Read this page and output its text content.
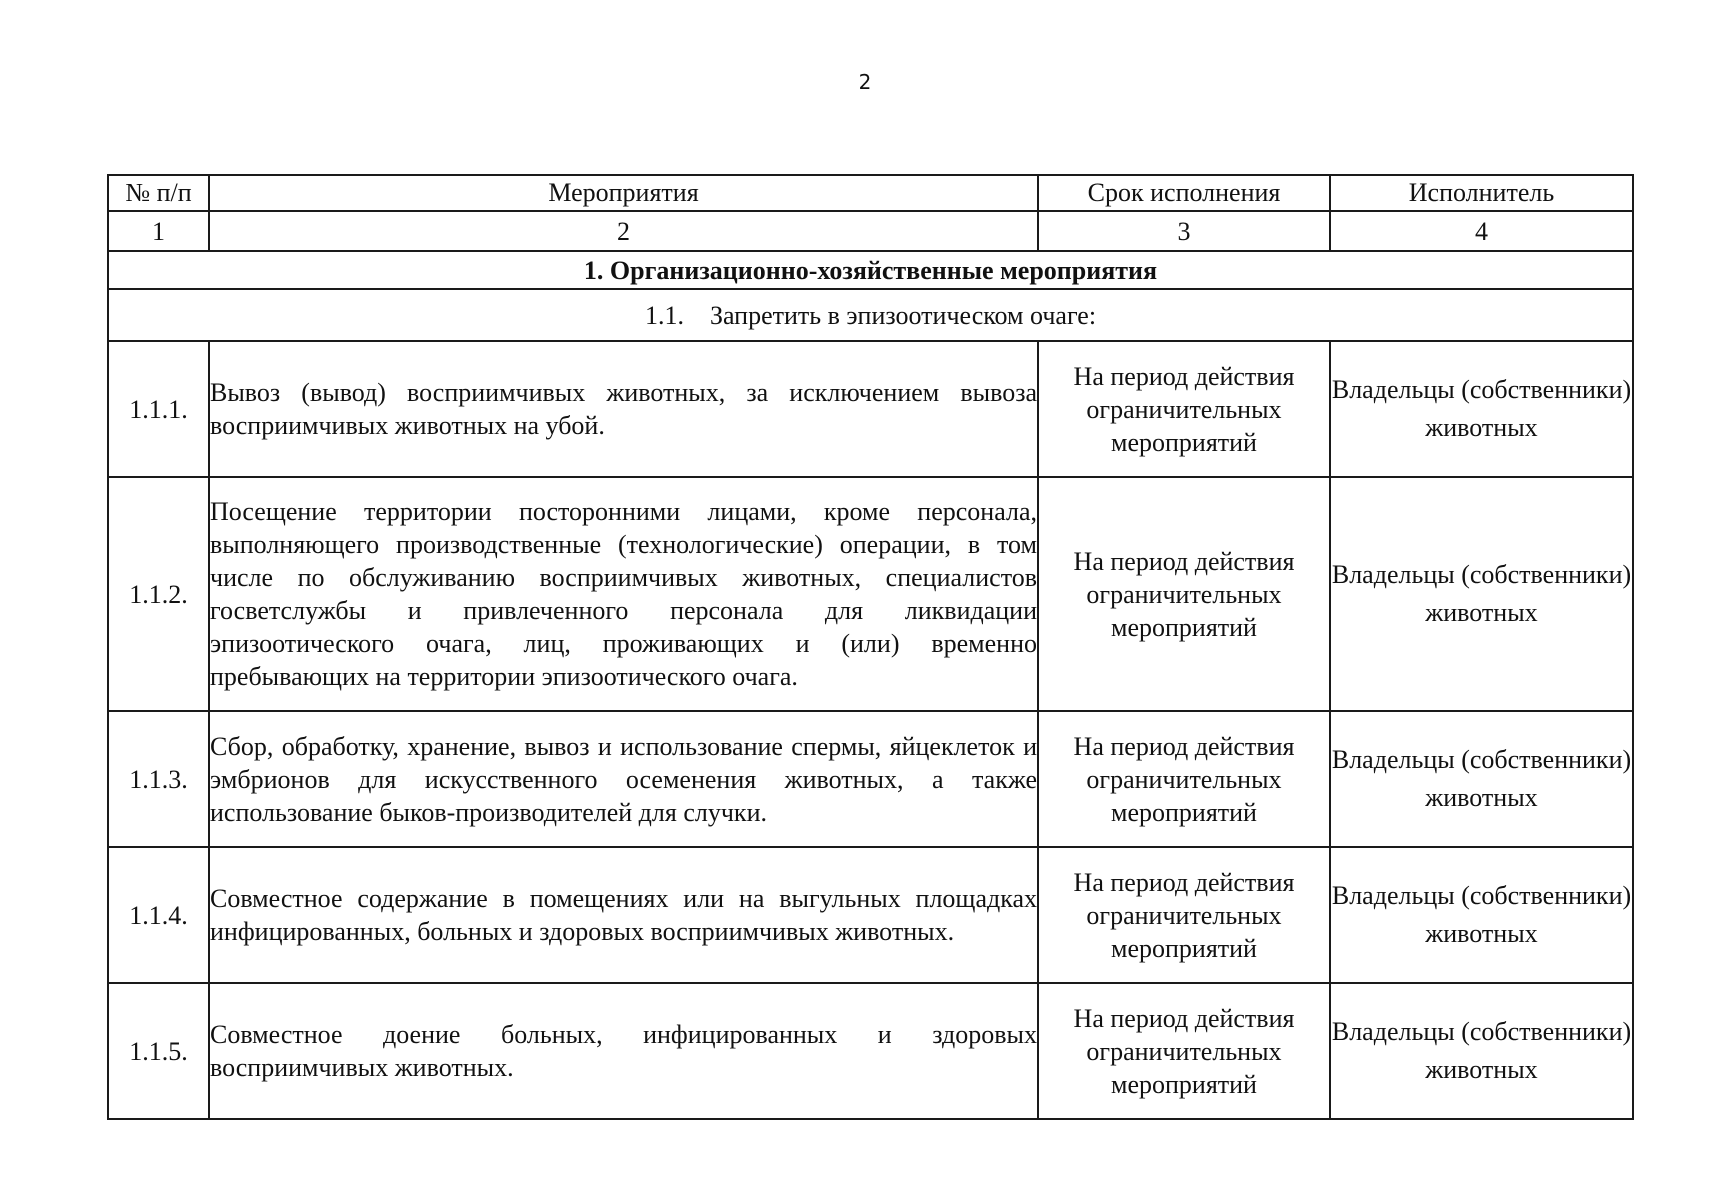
2
№ п/п	Мероприятия	Срок исполнения	Исполнитель
1	2	3	4
1. Организационно-хозяйственные мероприятия			
1.1. Запретить в эпизоотическом очаге:			
1.1.1.	Вывоз (вывод) восприимчивых животных, за исключением вывоза восприимчивых животных на убой.	На период действия ограничительных мероприятий	Владельцы (собственники) животных
1.1.2.	Посещение территории посторонними лицами, кроме персонала, выполняющего производственные (технологические) операции, в том числе по обслуживанию восприимчивых животных, специалистов госветслужбы и привлеченного персонала для ликвидации эпизоотического очага, лиц, проживающих и (или) временно пребывающих на территории эпизоотического очага.	На период действия ограничительных мероприятий	Владельцы (собственники) животных
1.1.3.	Сбор, обработку, хранение, вывоз и использование спермы, яйцеклеток и эмбрионов для искусственного осеменения животных, а также использование быков-производителей для случки.	На период действия ограничительных мероприятий	Владельцы (собственники) животных
1.1.4.	Совместное содержание в помещениях или на выгульных площадках инфицированных, больных и здоровых восприимчивых животных.	На период действия ограничительных мероприятий	Владельцы (собственники) животных
1.1.5.	Совместное доение больных, инфицированных и здоровых восприимчивых животных.	На период действия ограничительных мероприятий	Владельцы (собственники) животных
